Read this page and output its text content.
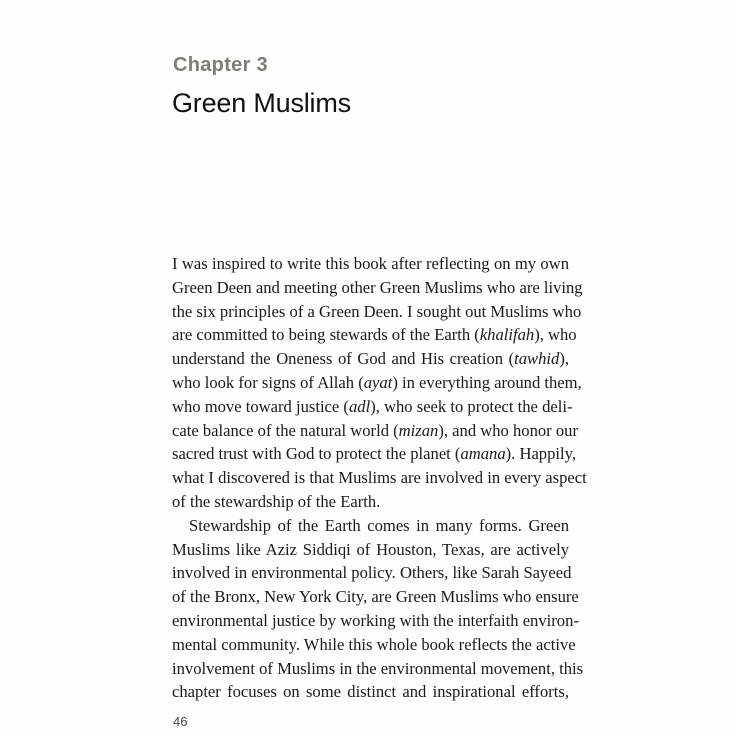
Chapter 3
Green Muslims
I was inspired to write this book after reflecting on my own
Green Deen and meeting other Green Muslims who are living
the six principles of a Green Deen. I sought out Muslims who
are committed to being stewards of the Earth (khalifah), who
understand the Oneness of God and His creation (tawhid),
who look for signs of Allah (ayat) in everything around them,
who move toward justice (adl), who seek to protect the deli-
cate balance of the natural world (mizan), and who honor our
sacred trust with God to protect the planet (amana). Happily,
what I discovered is that Muslims are involved in every aspect
of the stewardship of the Earth.
Stewardship of the Earth comes in many forms. Green
Muslims like Aziz Siddiqi of Houston, Texas, are actively
involved in environmental policy. Others, like Sarah Sayeed
of the Bronx, New York City, are Green Muslims who ensure
environmental justice by working with the interfaith environ-
mental community. While this whole book reflects the active
involvement of Muslims in the environmental movement, this
chapter focuses on some distinct and inspirational efforts,
46
